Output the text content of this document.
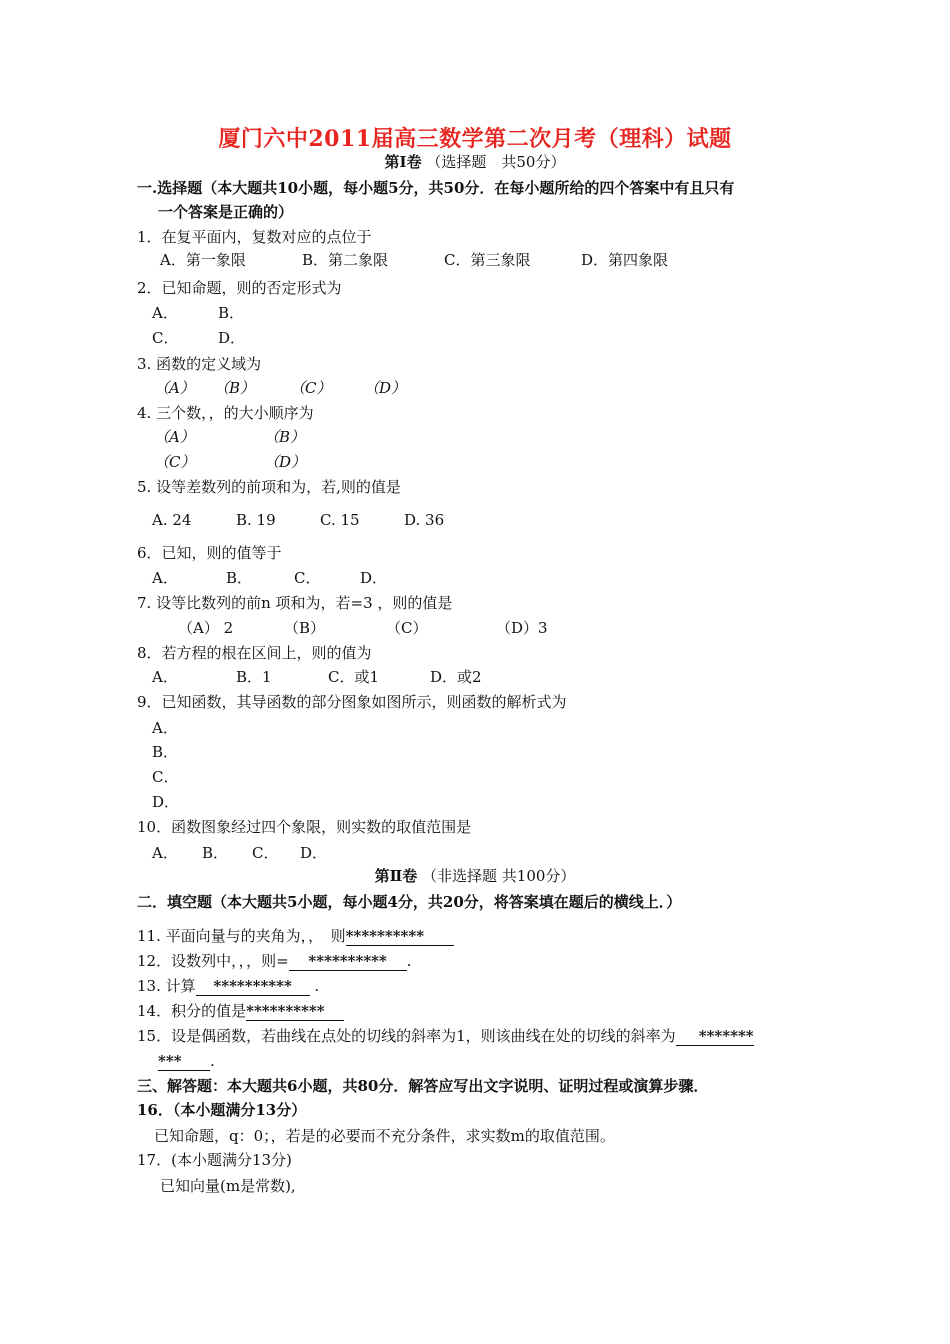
厦门六中2011届高三数学第二次月考（理科）试题
第Ⅰ卷 （选择题　共50分）
一.选择题（本大题共10小题，每小题5分，共50分．在每小题所给的四个答案中有且只有
一个答案是正确的）
1．在复平面内，复数对应的点位于
A．第一象限	B．第二象限	C．第三象限	D．第四象限
2．已知命题，则的否定形式为
A．	B．
C．	D．
3. 函数的定义域为
（A） （B） （C） （D）
4. 三个数，，的大小顺序为
（A）	（B）
（C）	（D）
5. 设等差数列的前项和为，若,则的值是
A. 24	B. 19	C. 15	D. 36
6．已知，则的值等于
A．	B．	C．	D．
7. 设等比数列的前n 项和为，若=3 ，则的值是
（A） 2	（B）	（C）	（D）3
8．若方程的根在区间上，则的值为
A．	B．1	C．或1	D．或2
9．已知函数，其导函数的部分图象如图所示，则函数的解析式为
A．
B．
C．
D．
10．函数图象经过四个象限，则实数的取值范围是
A． B． C． D．
第Ⅱ卷 （非选择题 共100分）
二．填空题（本大题共5小题，每小题4分，共20分，将答案填在题后的横线上．）
11. 平面向量与的夹角为，，　则**********
12．设数列中，，，则= ********** .
13. 计算 ********** .
14．积分的值是**********
15．设是偶函数，若曲线在点处的切线的斜率为1，则该曲线在处的切线的斜率为 *******
*** .
三、解答题：本大题共6小题，共80分．解答应写出文字说明、证明过程或演算步骤．
16．（本小题满分13分）
已知命题，q：0；，若是的必要而不充分条件，求实数m的取值范围。
17．(本小题满分13分)
已知向量(m是常数),
